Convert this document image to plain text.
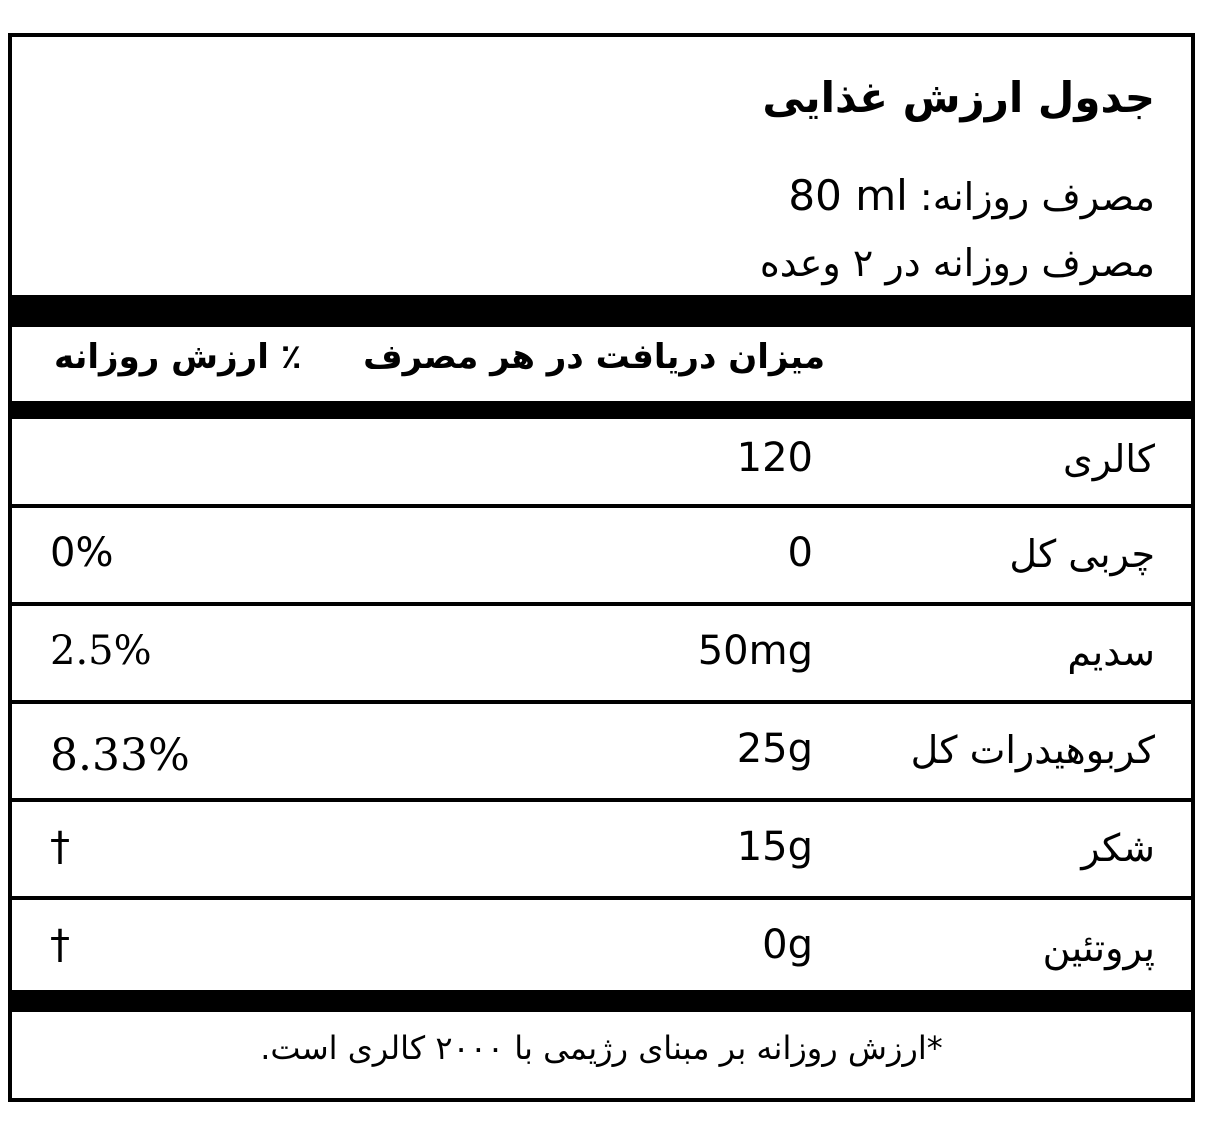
جدول ارزش غذایی
مصرف روزانه: 80 ml
مصرف روزانه در ۲ وعده
میزان دریافت در هر مصرف
٪ ارزش روزانه
کالری
120
چربی کل
0
0%
سدیم
50mg
2.5%
کربوهیدرات کل
25g
8.33%
شکر
15g
†
پروتئین
0g
†
*ارزش روزانه بر مبنای رژیمی با ۲۰۰۰ کالری است.
